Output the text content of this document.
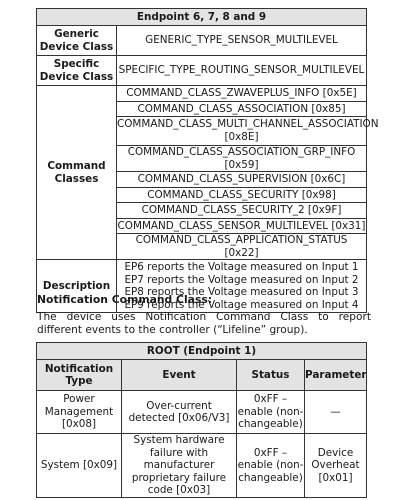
Endpoint 6, 7, 8 and 9	
Generic Device Class	GENERIC_TYPE_SENSOR_MULTILEVEL
Specific Device Class	SPECIFIC_TYPE_ROUTING_SENSOR_MULTILEVEL
Command Classes	COMMAND_CLASS_ZWAVEPLUS_INFO [0x5E]
	COMMAND_CLASS_ASSOCIATION [0x85]
	COMMAND_CLASS_MULTI_CHANNEL_ASSOCIATION [0x8E]
	COMMAND_CLASS_ASSOCIATION_GRP_INFO [0x59]
	COMMAND_CLASS_SUPERVISION [0x6C]
	COMMAND_CLASS_SECURITY [0x98]
	COMMAND_CLASS_SECURITY_2 [0x9F]
	COMMAND_CLASS_SENSOR_MULTILEVEL [0x31]
	COMMAND_CLASS_APPLICATION_STATUS [0x22]
Description	EP6 reports the Voltage measured on Input 1
EP7 reports the Voltage measured on Input 2
EP8 reports the Voltage measured on Input 3
EP9 reports the Voltage measured on Input 4
Notification Command Class:
The device uses Notification Command Class to report different events to the controller (“Lifeline” group).
ROOT (Endpoint 1)			
Notification Type	Event	Status	Parameter
Power Management [0x08]	Over-current detected [0x06/V3]	0xFF – enable (non-changeable)	—
System [0x09]	System hardware failure with manufacturer proprietary failure code [0x03]	0xFF – enable (non-changeable)	Device Overheat [0x01]
